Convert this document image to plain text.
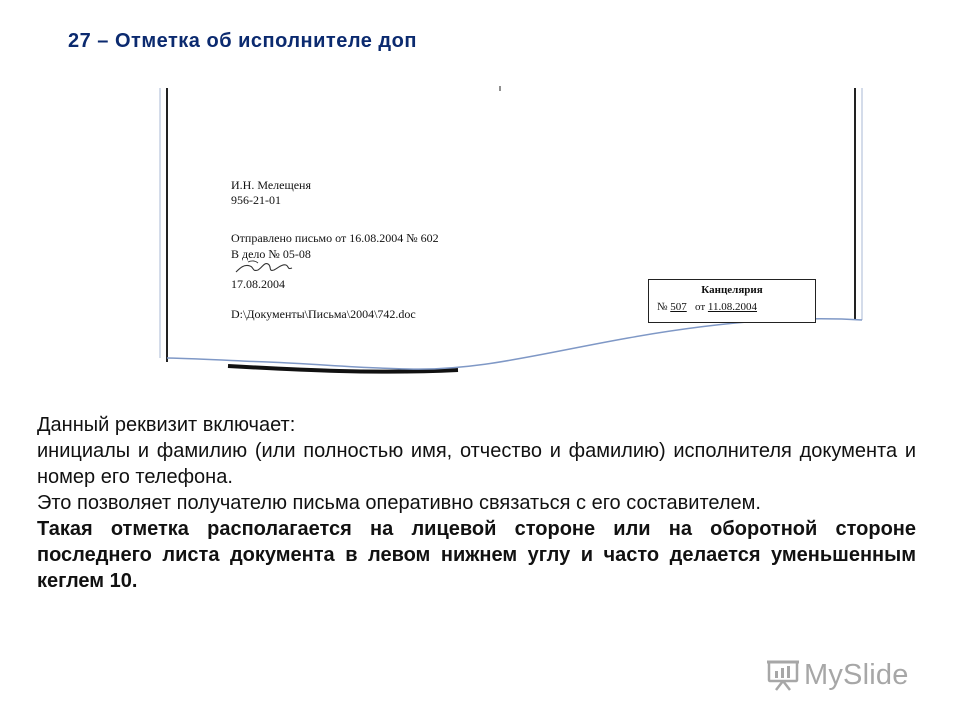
27 – Отметка об исполнителе доп
И.Н. Мелещеня
956-21-01
Отправлено письмо от 16.08.2004 № 602
В дело № 05-08
17.08.2004
D:\Документы\Письма\2004\742.doc
Канцелярия
№ 507 от 11.08.2004

Данный реквизит включает:

инициалы и фамилию (или полностью имя, отчество и фамилию) исполнителя документа и номер его телефона.

Это позволяет получателю письма оперативно связаться с его составителем.

Такая отметка располагается на лицевой стороне или на оборотной стороне последнего листа документа в левом нижнем углу и часто делается уменьшенным кеглем 10.

MySlide
